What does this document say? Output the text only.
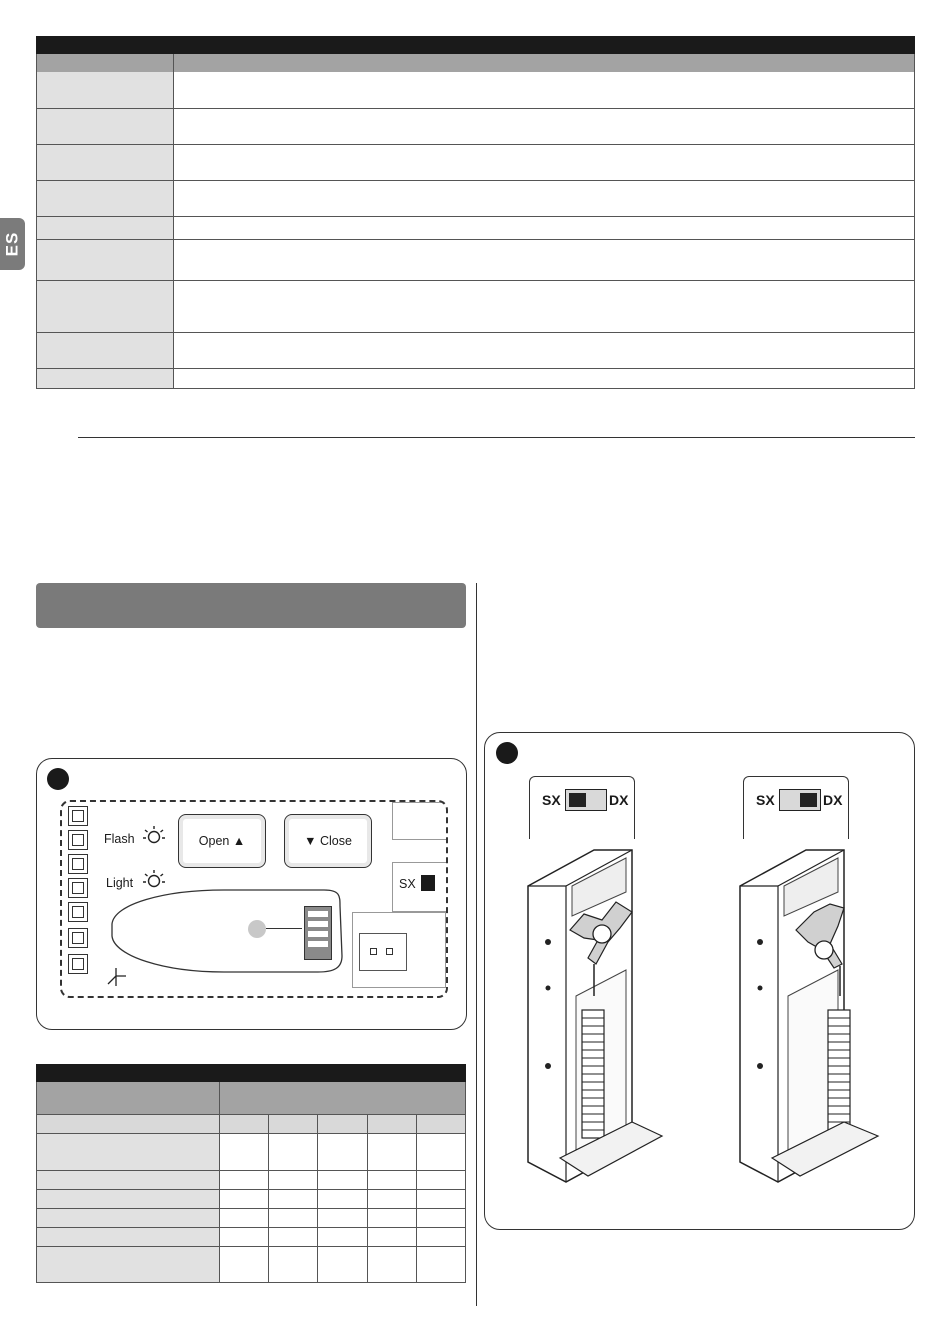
ES
Flash
Light
Open ▲	▼ Close
SX
SX	DX	SX	DX
